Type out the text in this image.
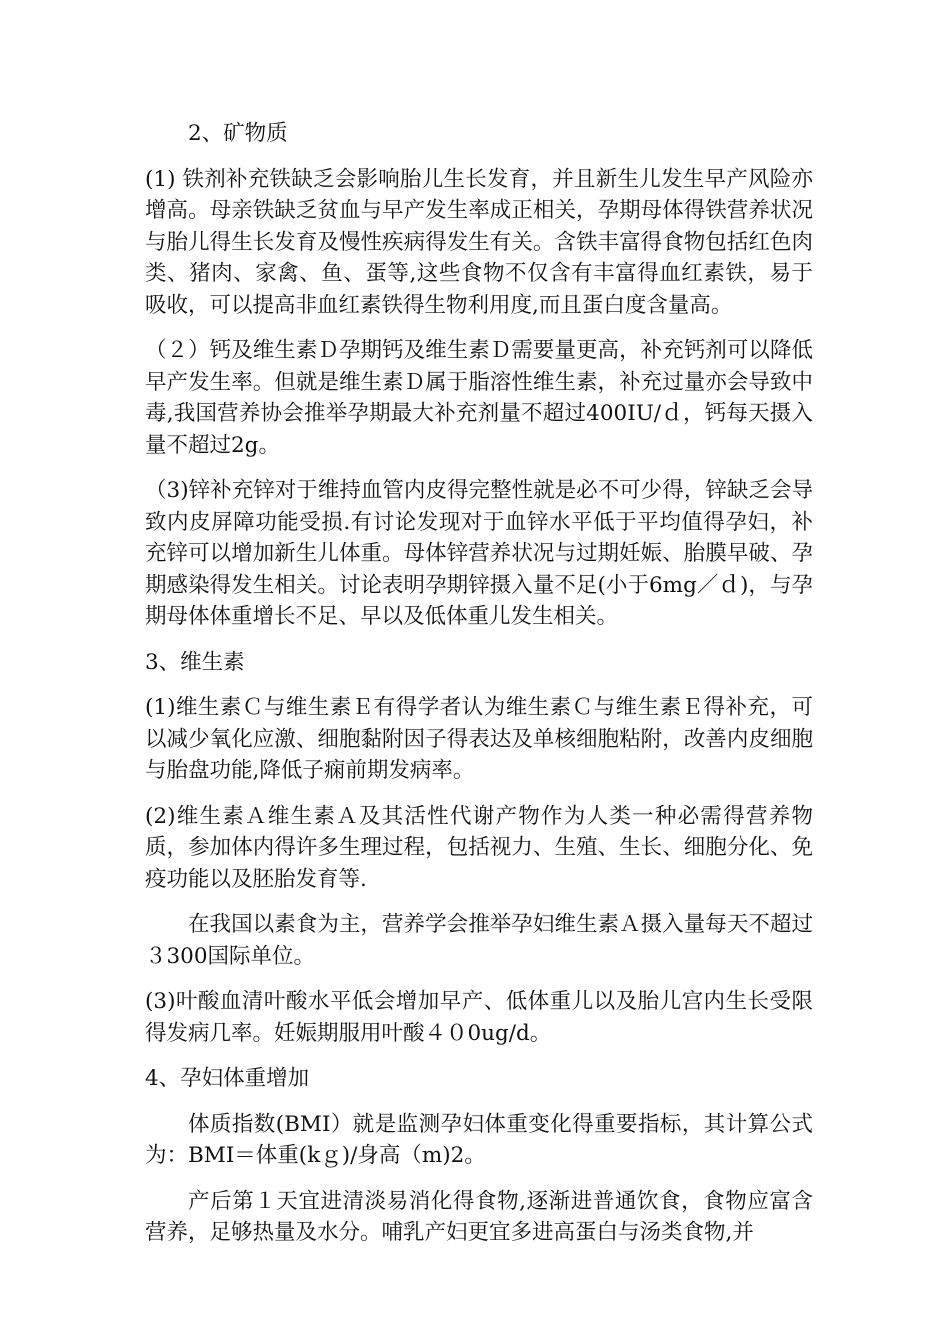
2、矿物质

(1) 铁剂补充铁缺乏会影响胎儿生长发育，并且新生儿发生早产风险亦增高。母亲铁缺乏贫血与早产发生率成正相关，孕期母体得铁营养状况与胎儿得生长发育及慢性疾病得发生有关。含铁丰富得食物包括红色肉类、猪肉、家禽、鱼、蛋等,这些食物不仅含有丰富得血红素铁，易于吸收，可以提高非血红素铁得生物利用度,而且蛋白度含量高。

（２）钙及维生素Ｄ孕期钙及维生素Ｄ需要量更高，补充钙剂可以降低早产发生率。但就是维生素Ｄ属于脂溶性维生素，补充过量亦会导致中毒,我国营养协会推举孕期最大补充剂量不超过400IU/ｄ，钙每天摄入量不超过2g。

（3)锌补充锌对于维持血管内皮得完整性就是必不可少得，锌缺乏会导致内皮屏障功能受损.有讨论发现对于血锌水平低于平均值得孕妇，补充锌可以增加新生儿体重。母体锌营养状况与过期妊娠、胎膜早破、孕期感染得发生相关。讨论表明孕期锌摄入量不足(小于6mg／ｄ)，与孕期母体体重增长不足、早以及低体重儿发生相关。

3、维生素

(1)维生素Ｃ与维生素Ｅ有得学者认为维生素Ｃ与维生素Ｅ得补充，可以减少氧化应激、细胞黏附因子得表达及单核细胞粘附，改善内皮细胞与胎盘功能,降低子痫前期发病率。

(2)维生素Ａ维生素Ａ及其活性代谢产物作为人类一种必需得营养物质，参加体内得许多生理过程，包括视力、生殖、生长、细胞分化、免疫功能以及胚胎发育等.

在我国以素食为主，营养学会推举孕妇维生素Ａ摄入量每天不超过３300国际单位。

(3)叶酸血清叶酸水平低会增加早产、低体重儿以及胎儿宫内生长受限得发病几率。妊娠期服用叶酸４０0ug/d。

4、孕妇体重增加

体质指数(BMI）就是监测孕妇体重变化得重要指标，其计算公式为：BMI＝体重(kｇ)/身高（m)2。

产后第１天宜进清淡易消化得食物,逐渐进普通饮食，食物应富含营养，足够热量及水分。哺乳产妇更宜多进高蛋白与汤类食物,并
